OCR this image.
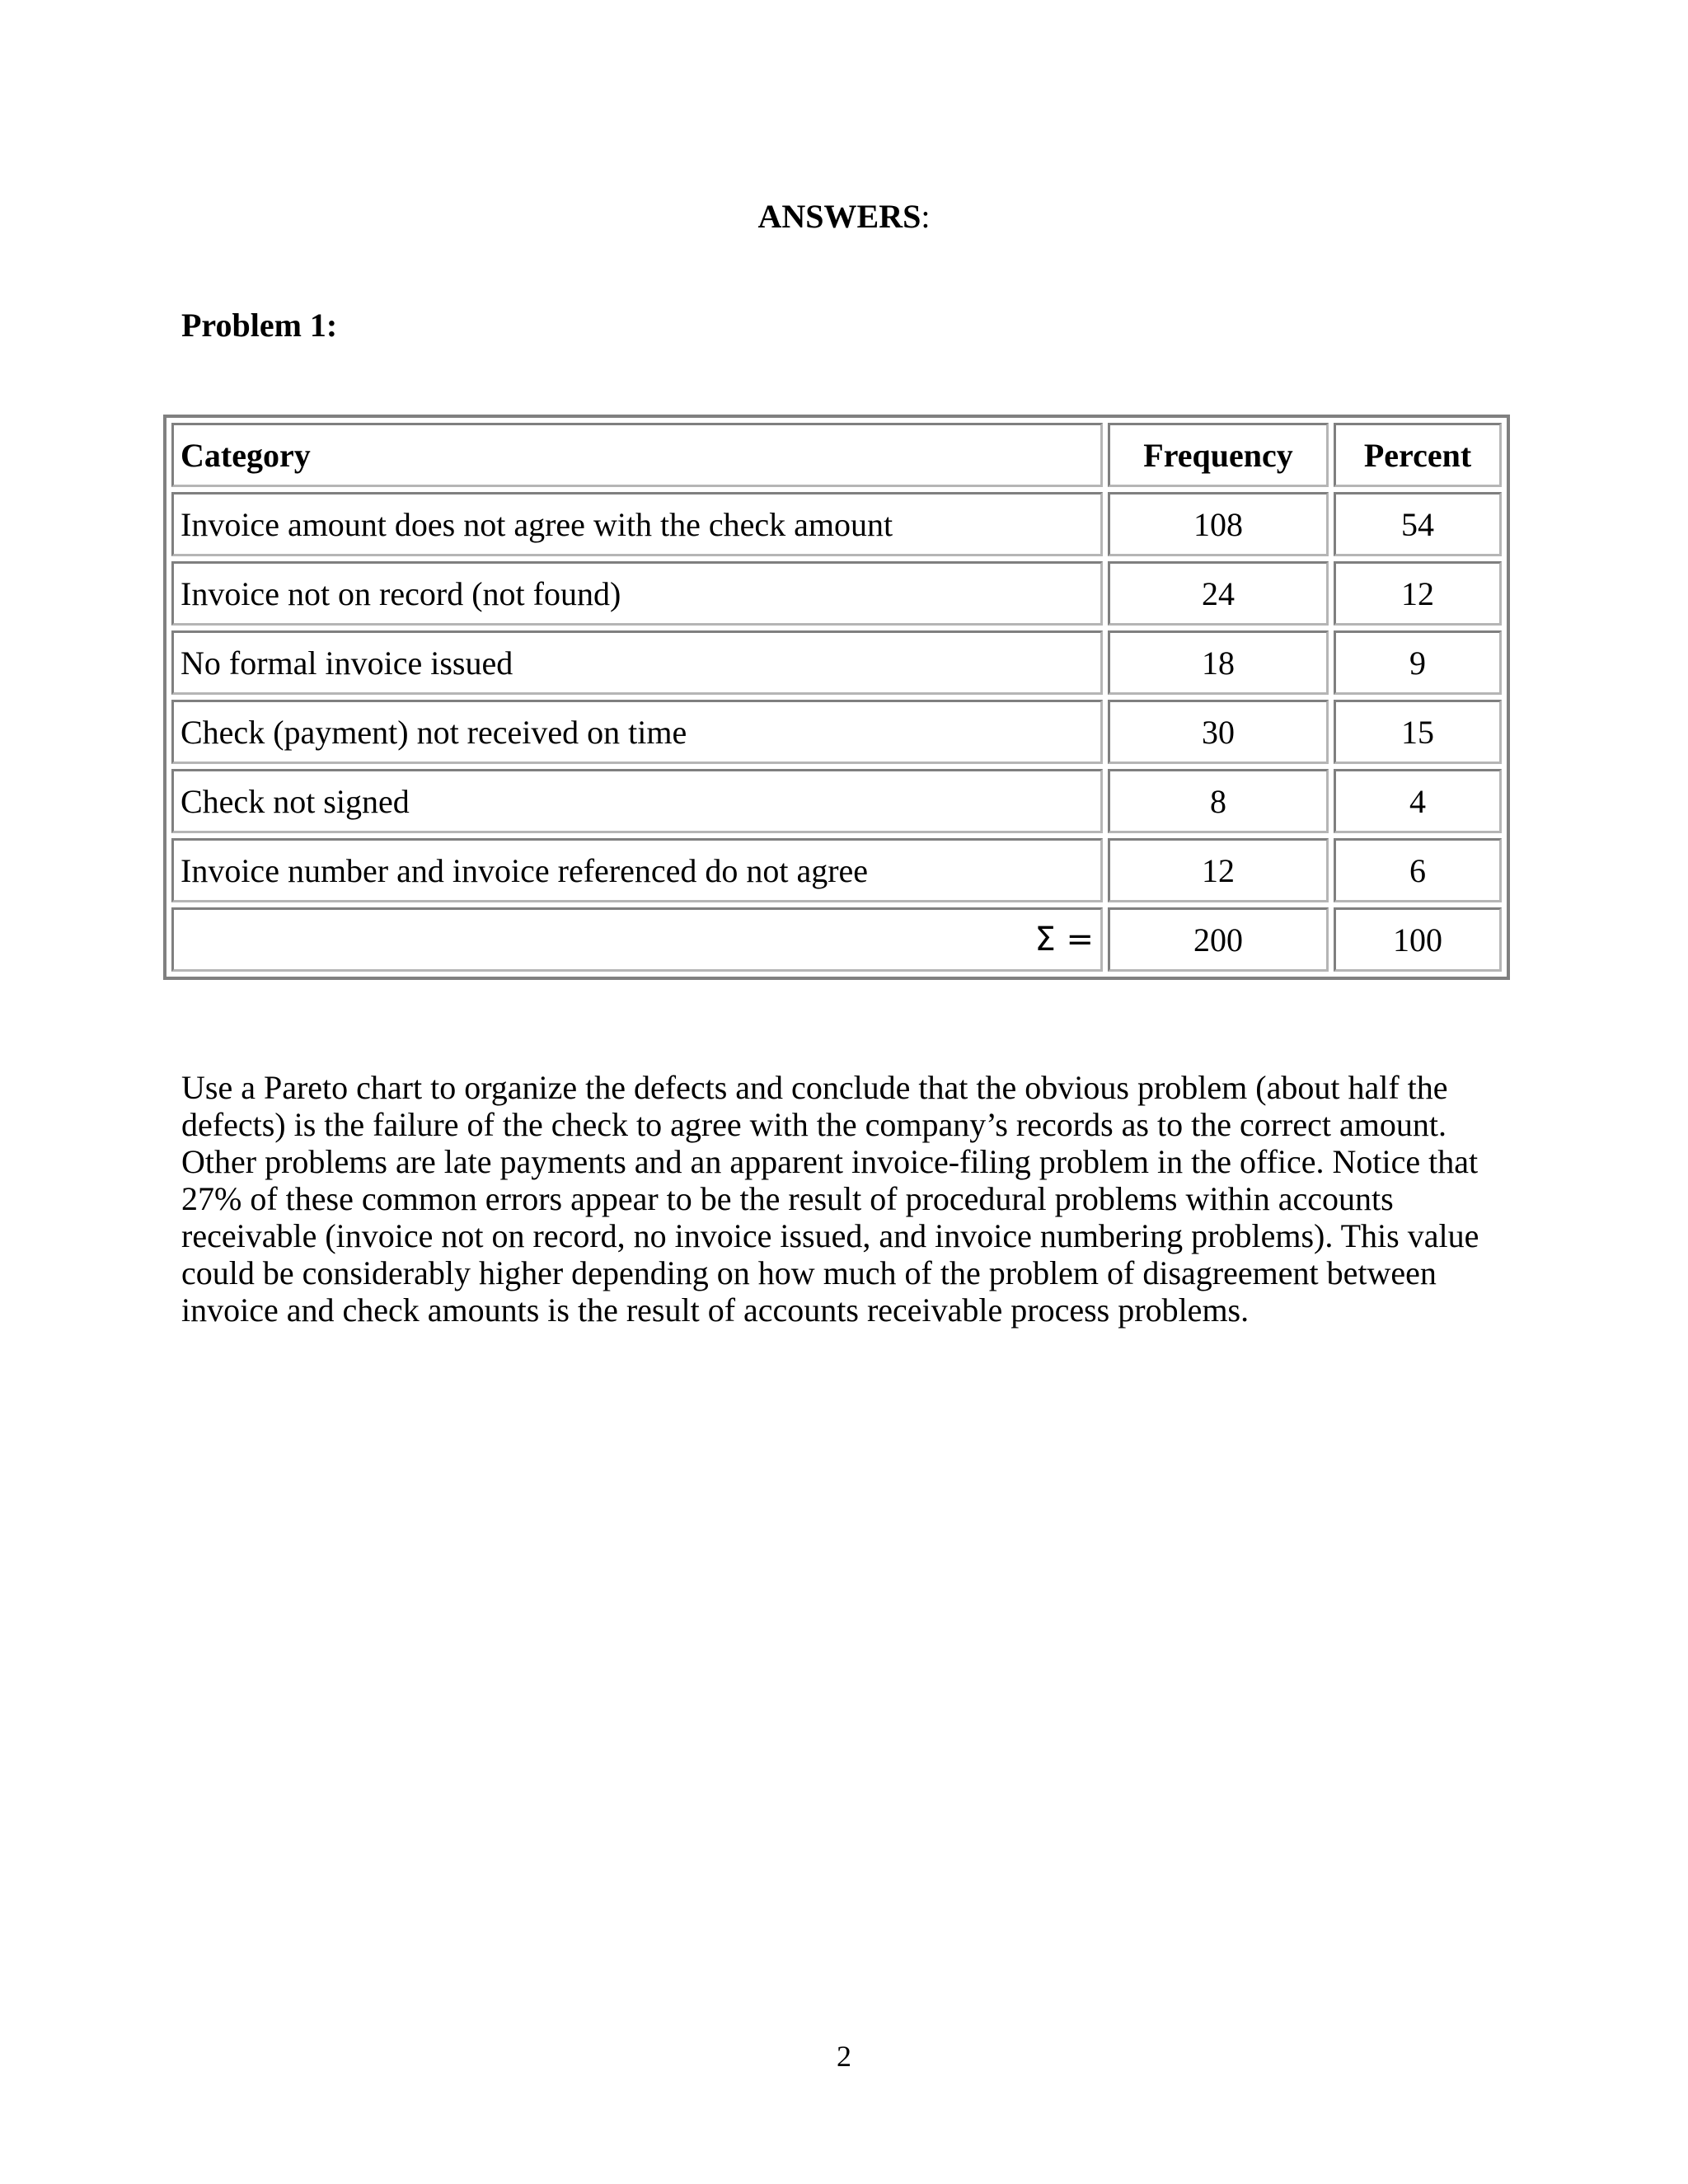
ANSWERS:
Problem 1:
Category	Frequency	Percent
Invoice amount does not agree with the check amount	108	54
Invoice not on record (not found)	24	12
No formal invoice issued	18	9
Check (payment) not received on time	30	15
Check not signed	8	4
Invoice number and invoice referenced do not agree	12	6
Σ =	200	100

Use a Pareto chart to organize the defects and conclude that the obvious problem (about half the defects) is the failure of the check to agree with the company’s records as to the correct amount. Other problems are late payments and an apparent invoice-filing problem in the office. Notice that 27% of these common errors appear to be the result of procedural problems within accounts receivable (invoice not on record, no invoice issued, and invoice numbering problems). This value could be considerably higher depending on how much of the problem of disagreement between invoice and check amounts is the result of accounts receivable process problems.

2
